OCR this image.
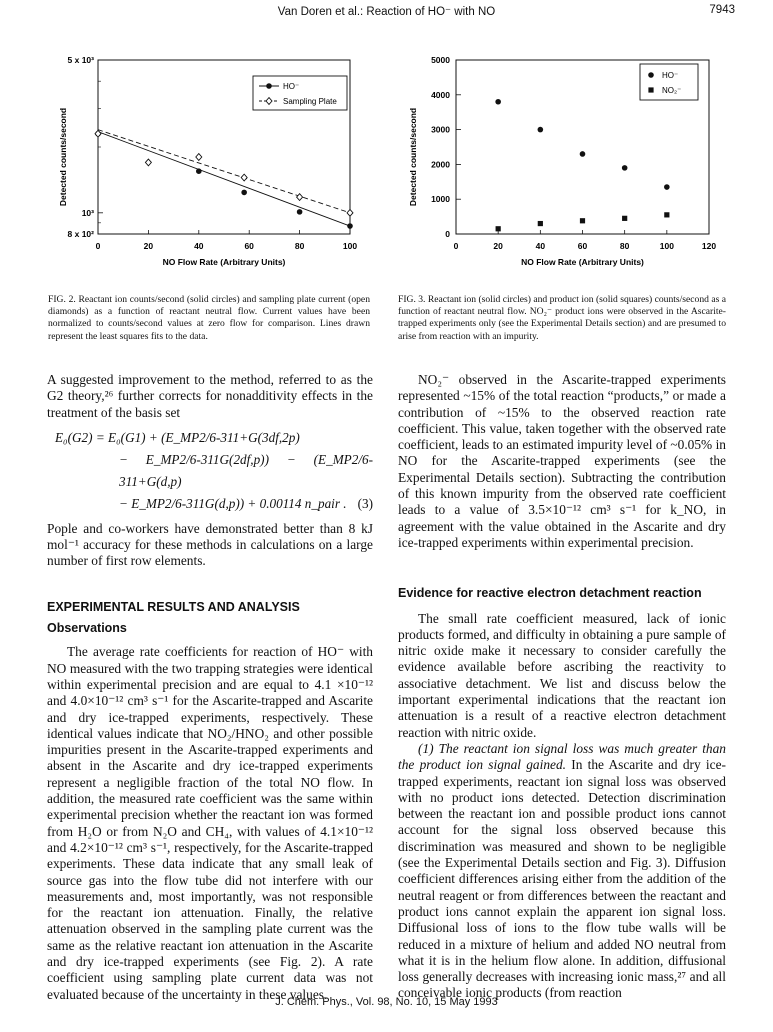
Van Doren et al.: Reaction of HO⁻ with NO	7943
0	20	40	60	80	100
5 x 10³
10³
8 x 10²
NO Flow Rate (Arbitrary Units)
Detected counts/second
HO⁻
Sampling Plate
0	20	40	60	80	100	120
0
1000
2000
3000
4000
5000
NO Flow Rate (Arbitrary Units)
Detected counts/second
HO⁻
NO₂⁻
FIG. 2. Reactant ion counts/second (solid circles) and sampling plate current (open diamonds) as a function of reactant neutral flow. Current values have been normalized to counts/second values at zero flow for comparison. Lines drawn represent the least squares fits to the data.
FIG. 3. Reactant ion (solid circles) and product ion (solid squares) counts/second as a function of reactant neutral flow. NO₂⁻ product ions were observed in the Ascarite-trapped experiments only (see the Experimental Details section) and are presumed to arise from reaction with an impurity.

A suggested improvement to the method, referred to as the G2 theory,²⁶ further corrects for nonadditivity effects in the treatment of the basis set

E₀(G2) = E₀(G1) + (E_MP2/6-311+G(3df,2p)
− E_MP2/6-311G(2df,p)) − (E_MP2/6-311+G(d,p)
− E_MP2/6-311G(d,p)) + 0.00114 n_pair . (3)

Pople and co-workers have demonstrated better than 8 kJ mol⁻¹ accuracy for these methods in calculations on a large number of first row elements.

EXPERIMENTAL RESULTS AND ANALYSIS
Observations

The average rate coefficients for reaction of HO⁻ with NO measured with the two trapping strategies were identical within experimental precision and are equal to 4.1 ×10⁻¹² and 4.0×10⁻¹² cm³ s⁻¹ for the Ascarite-trapped and Ascarite and dry ice-trapped experiments, respectively. These identical values indicate that NO₂/HNO₂ and other possible impurities present in the Ascarite-trapped experiments and absent in the Ascarite and dry ice-trapped experiments represent a negligible fraction of the total NO flow. In addition, the measured rate coefficient was the same within experimental precision whether the reactant ion was formed from H₂O or from N₂O and CH₄, with values of 4.1×10⁻¹² and 4.2×10⁻¹² cm³ s⁻¹, respectively, for the Ascarite-trapped experiments. These data indicate that any small leak of source gas into the flow tube did not interfere with our measurements and, most importantly, was not responsible for the reactant ion attenuation. Finally, the relative attenuation observed in the sampling plate current was the same as the relative reactant ion attenuation in the Ascarite and dry ice-trapped experiments (see Fig. 2). A rate coefficient using sampling plate current data was not evaluated because of the uncertainty in these values.

NO₂⁻ observed in the Ascarite-trapped experiments represented ~15% of the total reaction “products,” or made a contribution of ~15% to the observed reaction rate coefficient. This value, taken together with the observed rate coefficient, leads to an estimated impurity level of ~0.05% in NO for the Ascarite-trapped experiments (see the Experimental Details section). Subtracting the contribution of this known impurity from the observed rate coefficient leads to a value of 3.5×10⁻¹² cm³ s⁻¹ for k_NO, in agreement with the value obtained in the Ascarite and dry ice-trapped experiments within experimental precision.

Evidence for reactive electron detachment reaction

The small rate coefficient measured, lack of ionic products formed, and difficulty in obtaining a pure sample of nitric oxide make it necessary to consider carefully the evidence available before ascribing the reactivity to associative detachment. We list and discuss below the important experimental indications that the reactant ion attenuation is a result of a reactive electron detachment reaction with nitric oxide.

(1) The reactant ion signal loss was much greater than the product ion signal gained. In the Ascarite and dry ice-trapped experiments, reactant ion signal loss was observed with no product ions detected. Detection discrimination between the reactant ion and possible product ions cannot account for the signal loss observed because this discrimination was measured and shown to be negligible (see the Experimental Details section and Fig. 3). Diffusion coefficient differences arising either from the addition of the neutral reagent or from differences between the reactant and product ions cannot explain the apparent ion signal loss. Diffusional loss of ions to the flow tube walls will be reduced in a mixture of helium and added NO neutral from what it is in the helium flow alone. In addition, diffusional loss generally decreases with increasing ionic mass,²⁷ and all conceivable ionic products (from reaction

J. Chem. Phys., Vol. 98, No. 10, 15 May 1993
